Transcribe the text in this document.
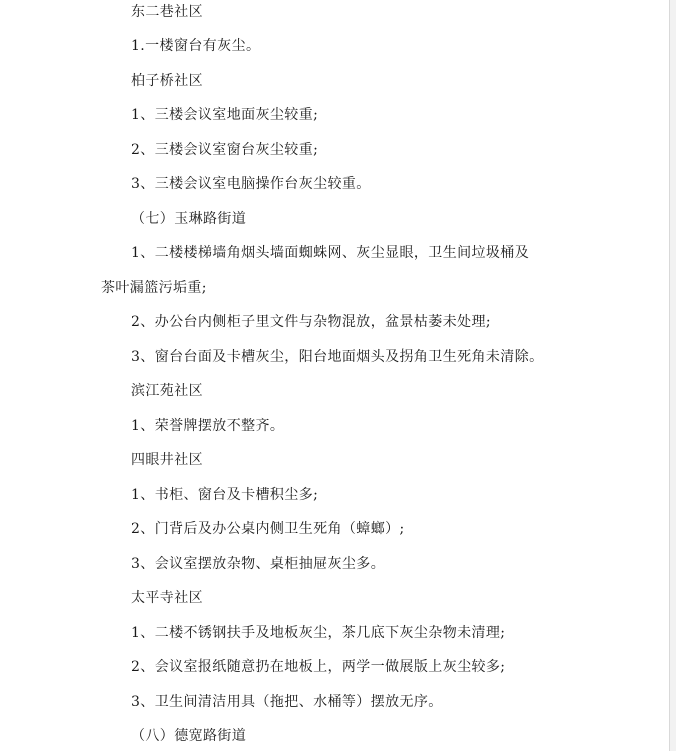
东二巷社区
1.一楼窗台有灰尘。
柏子桥社区
1、三楼会议室地面灰尘较重;
2、三楼会议室窗台灰尘较重;
3、三楼会议室电脑操作台灰尘较重。
（七）玉琳路街道
1、二楼楼梯墙角烟头墙面蜘蛛网、灰尘显眼，卫生间垃圾桶及
茶叶漏篮污垢重;
2、办公台内侧柜子里文件与杂物混放，盆景枯萎未处理;
3、窗台台面及卡槽灰尘，阳台地面烟头及拐角卫生死角未清除。
滨江苑社区
1、荣誉牌摆放不整齐。
四眼井社区
1、书柜、窗台及卡槽积尘多;
2、门背后及办公桌内侧卫生死角（蟑螂）;
3、会议室摆放杂物、桌柜抽屉灰尘多。
太平寺社区
1、二楼不锈钢扶手及地板灰尘，茶几底下灰尘杂物未清理;
2、会议室报纸随意扔在地板上，两学一做展版上灰尘较多;
3、卫生间清洁用具（拖把、水桶等）摆放无序。
（八）德宽路街道
